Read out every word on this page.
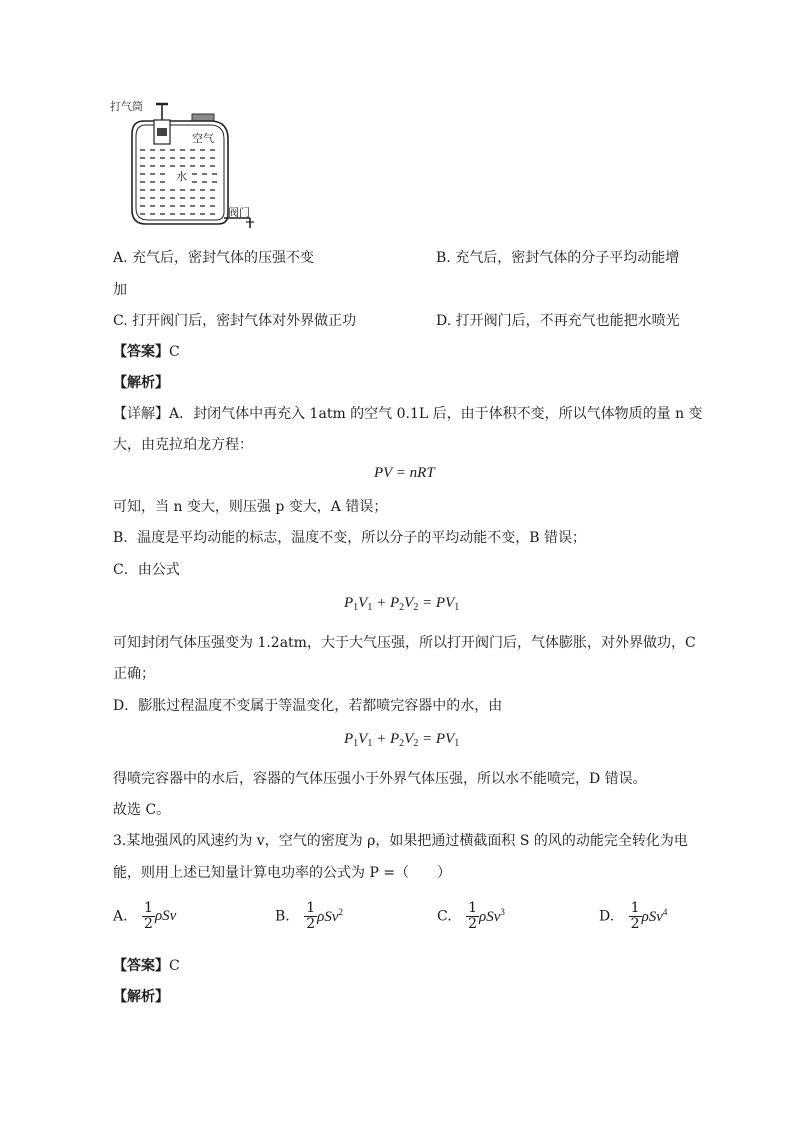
打气筒
空气
水
阀门
A. 充气后，密封气体的压强不变	B. 充气后，密封气体的分子平均动能增
加
C. 打开阀门后，密封气体对外界做正功	D. 打开阀门后，不再充气也能把水喷光
【答案】C
【解析】
【详解】A．封闭气体中再充入 1atm 的空气 0.1L 后，由于体积不变，所以气体物质的量 n 变
大，由克拉珀龙方程：
PV = nRT
可知，当 n 变大，则压强 p 变大，A 错误；
B．温度是平均动能的标志，温度不变，所以分子的平均动能不变，B 错误；
C．由公式
$P_1V_1 + P_2V_2 = PV_1$
可知封闭气体压强变为 1.2atm，大于大气压强，所以打开阀门后，气体膨胀，对外界做功，C
正确；
D．膨胀过程温度不变属于等温变化，若都喷完容器中的水，由
$P_1V_1 + P_2V_2 = PV_1$
得喷完容器中的水后，容器的气体压强小于外界气体压强，所以水不能喷完，D 错误。
故选 C。
3.某地强风的风速约为 v，空气的密度为 ρ，如果把通过横截面积 S 的风的动能完全转化为电
能，则用上述已知量计算电功率的公式为 P =（　　）
A. $\frac{1}{2}$ ρSv	B. $\frac{1}{2} \rho Sv^2$	C. $\frac{1}{2} \rho Sv^3$	D. $\frac{1}{2} \rho Sv^4$
【答案】C
【解析】
